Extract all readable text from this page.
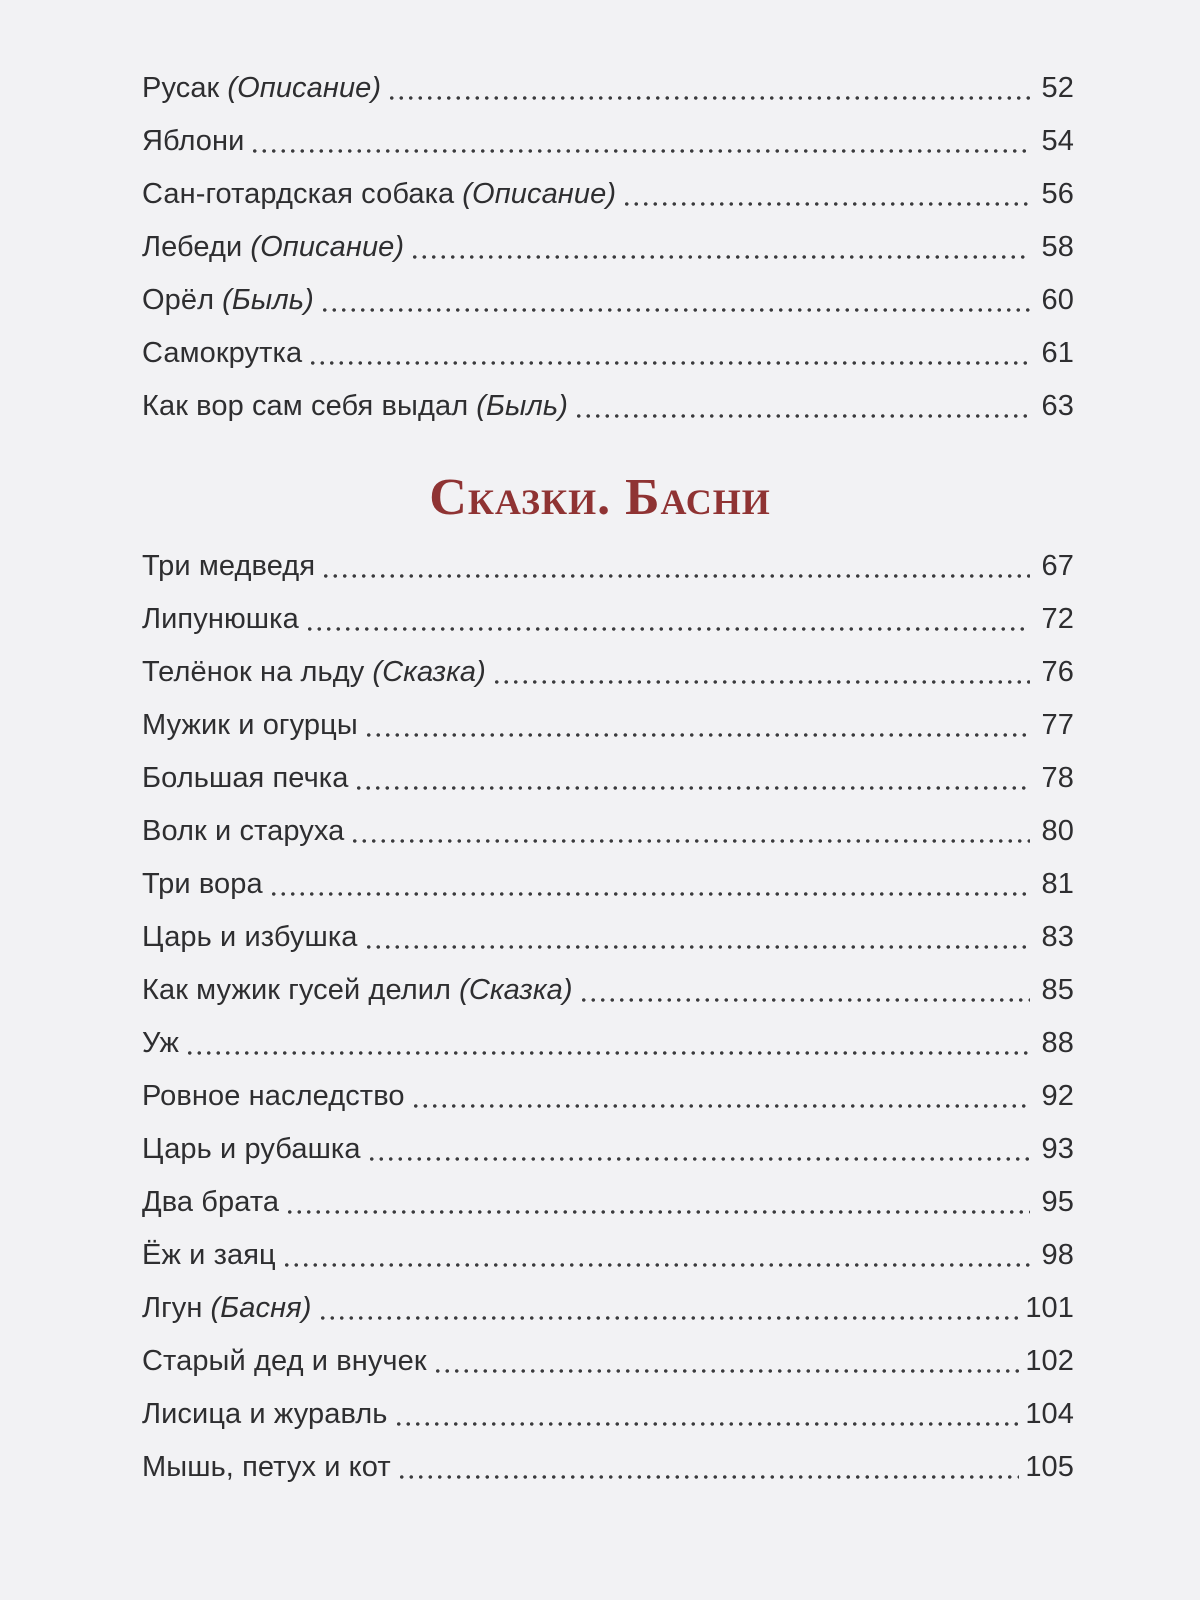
Русак ( Описание )	52
Яблони	54
Сан-готардская собака ( Описание )	56
Лебеди ( Описание )	58
Орёл ( Быль )	60
Самокрутка	61
Как вор сам себя выдал ( Быль )	63
Сказки. Басни
Три медведя	67
Липунюшка	72
Телёнок на льду ( Сказка )	76
Мужик и огурцы	77
Большая печка	78
Волк и старуха	80
Три вора	81
Царь и избушка	83
Как мужик гусей делил ( Сказка )	85
Уж	88
Ровное наследство	92
Царь и рубашка	93
Два брата	95
Ёж и заяц	98
Лгун ( Басня )	101
Старый дед и внучек	102
Лисица и журавль	104
Мышь, петух и кот	105
